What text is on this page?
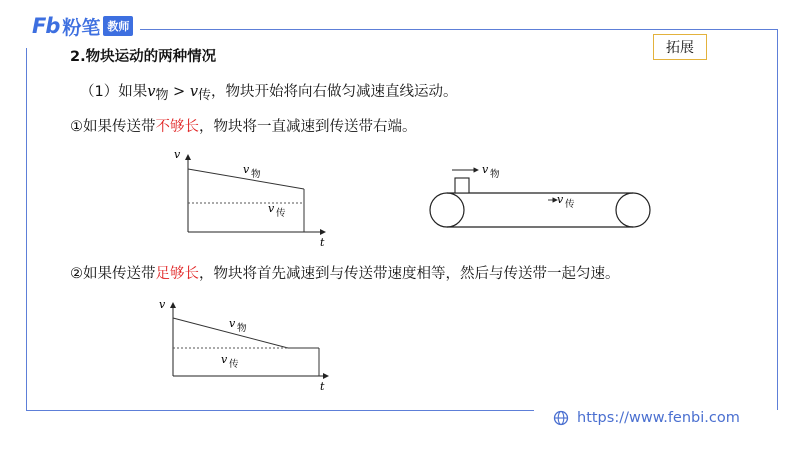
Fb 粉笔 教师
拓展
2.物块运动的两种情况
（1）如果v物 > v传，物块开始将向右做匀减速直线运动。
①如果传送带不够长，物块将一直减速到传送带右端。
②如果传送带足够长，物块将首先减速到与传送带速度相等，然后与传送带一起匀速。
v
t
v 物
v 传
v 物
v 传
v
t
v 物
v 传
https://www.fenbi.com
